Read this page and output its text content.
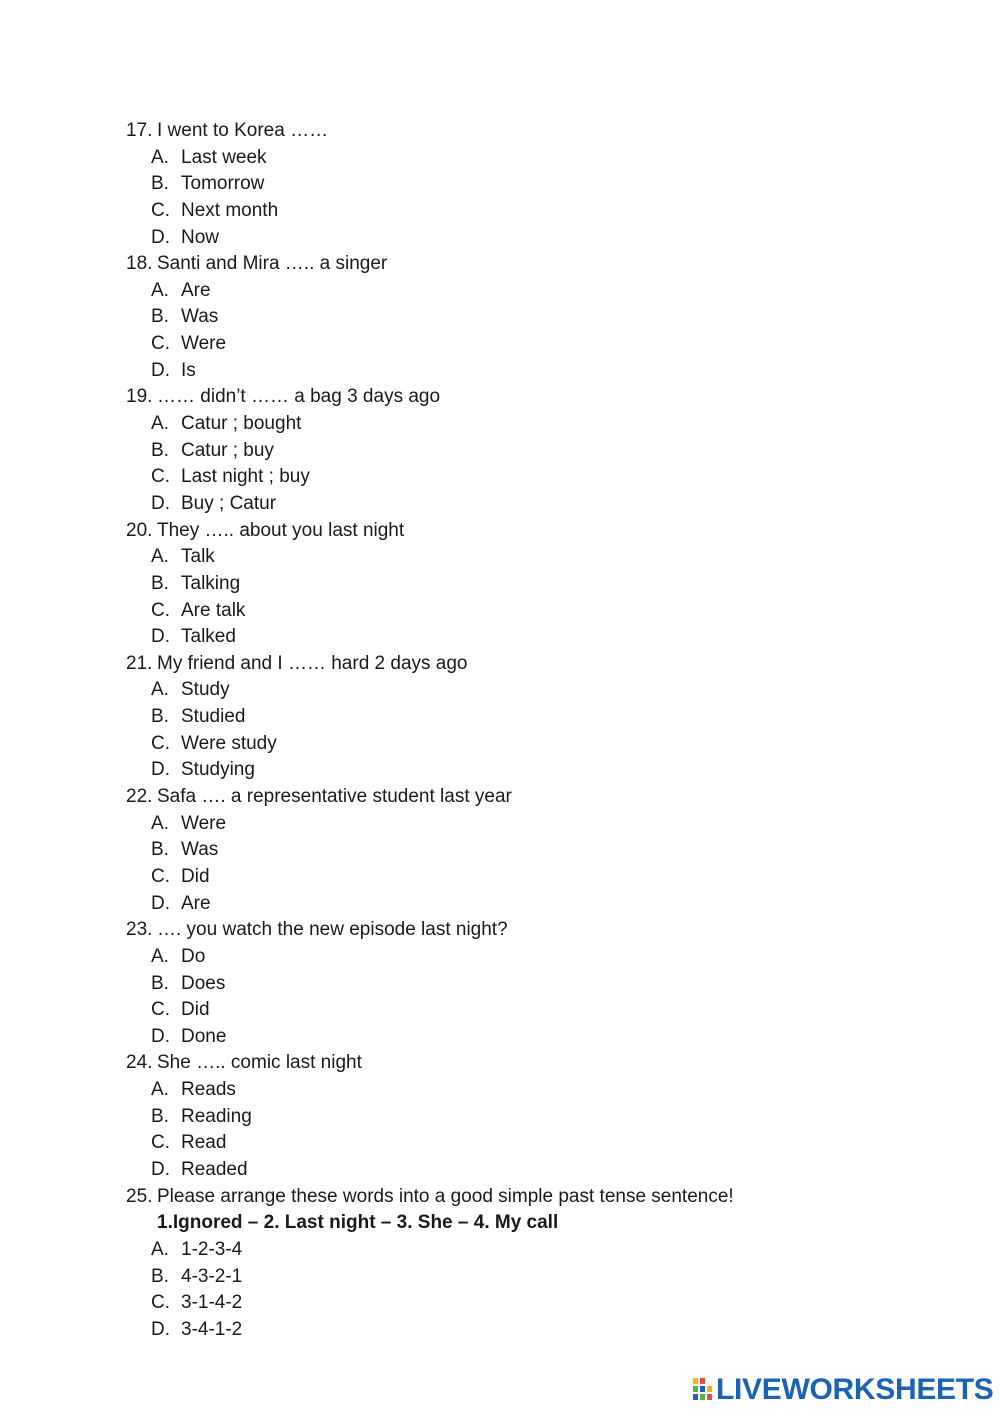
17. I went to Korea ……
A. Last week
B. Tomorrow
C. Next month
D. Now
18. Santi and Mira ….. a singer
A. Are
B. Was
C. Were
D. Is
19. …… didn’t …… a bag 3 days ago
A. Catur ; bought
B. Catur ; buy
C. Last night ; buy
D. Buy ; Catur
20. They ….. about you last night
A. Talk
B. Talking
C. Are talk
D. Talked
21. My friend and I …… hard 2 days ago
A. Study
B. Studied
C. Were study
D. Studying
22. Safa …. a representative student last year
A. Were
B. Was
C. Did
D. Are
23. …. you watch the new episode last night?
A. Do
B. Does
C. Did
D. Done
24. She ….. comic last night
A. Reads
B. Reading
C. Read
D. Readed
25. Please arrange these words into a good simple past tense sentence!
1.Ignored – 2. Last night – 3. She – 4. My call
A. 1-2-3-4
B. 4-3-2-1
C. 3-1-4-2
D. 3-4-1-2
LIVEWORKSHEETS
